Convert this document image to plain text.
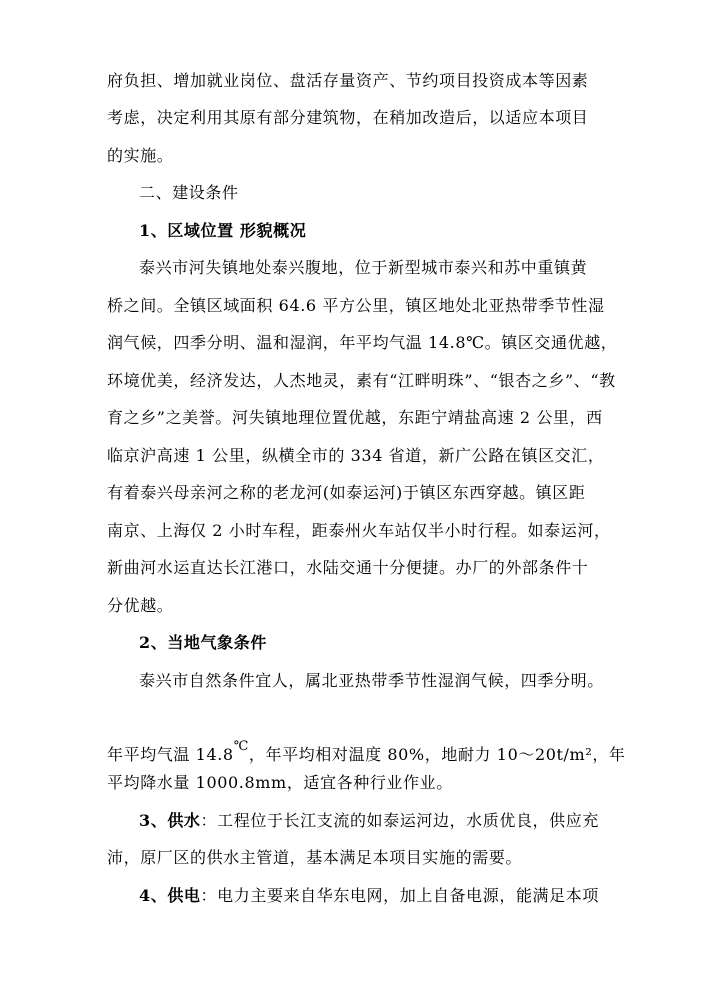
府负担、增加就业岗位、盘活存量资产、节约项目投资成本等因素
考虑，决定利用其原有部分建筑物，在稍加改造后，以适应本项目
的实施。
二、建设条件
1、区域位置 形貌概况
泰兴市河失镇地处泰兴腹地，位于新型城市泰兴和苏中重镇黄
桥之间。全镇区域面积 64.6 平方公里，镇区地处北亚热带季节性湿
润气候，四季分明、温和湿润，年平均气温 14.8℃。镇区交通优越，
环境优美，经济发达，人杰地灵，素有“江畔明珠”、“银杏之乡”、“教
育之乡”之美誉。河失镇地理位置优越，东距宁靖盐高速 2 公里，西
临京沪高速 1 公里，纵横全市的 334 省道，新广公路在镇区交汇，
有着泰兴母亲河之称的老龙河(如泰运河)于镇区东西穿越。镇区距
南京、上海仅 2 小时车程，距泰州火车站仅半小时行程。如泰运河，
新曲河水运直达长江港口，水陆交通十分便捷。办厂的外部条件十
分优越。
2、当地气象条件
泰兴市自然条件宜人，属北亚热带季节性湿润气候，四季分明。
年平均气温 14.8℃，年平均相对温度 80%，地耐力 10～20t/m²，年
平均降水量 1000.8mm，适宜各种行业作业。
3、供水：工程位于长江支流的如泰运河边，水质优良，供应充
沛，原厂区的供水主管道，基本满足本项目实施的需要。
4、供电：电力主要来自华东电网，加上自备电源，能满足本项
